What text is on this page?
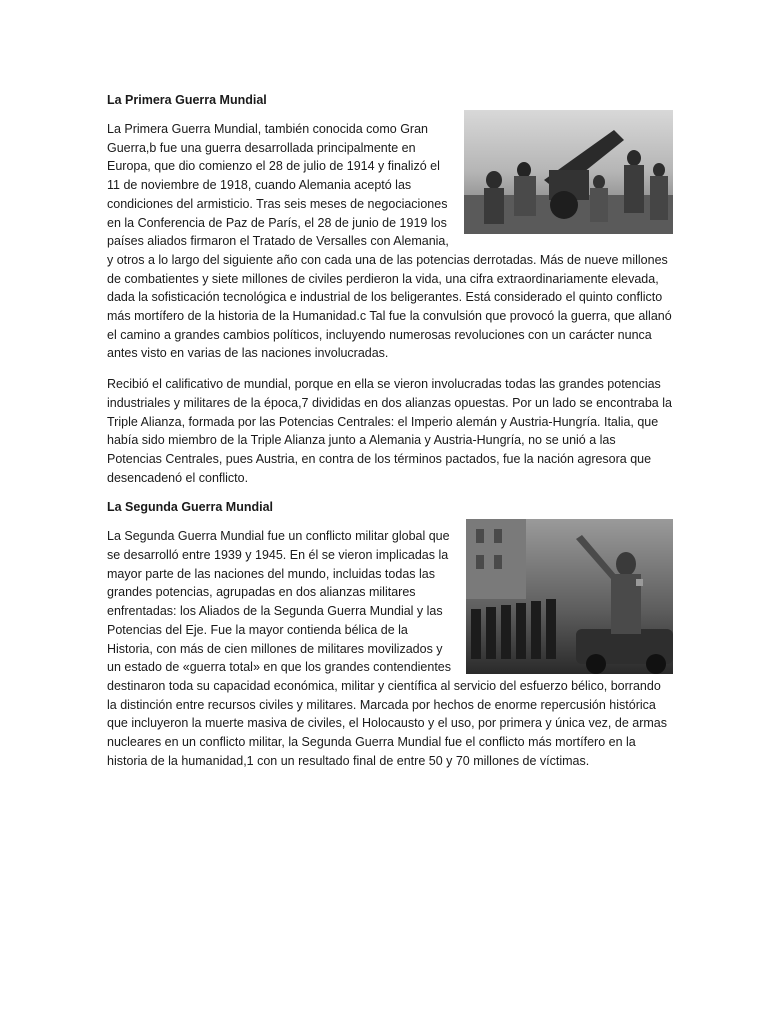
La Primera Guerra Mundial

La Primera Guerra Mundial, también conocida como Gran Guerra,b fue una guerra desarrollada principalmente en Europa, que dio comienzo el 28 de julio de 1914 y finalizó el 11 de noviembre de 1918, cuando Alemania aceptó las condiciones del armisticio. Tras seis meses de negociaciones en la Conferencia de Paz de París, el 28 de junio de 1919 los países aliados firmaron el Tratado de Versalles con Alemania, y otros a lo largo del siguiente año con cada una de las potencias derrotadas. Más de nueve millones de combatientes y siete millones de civiles perdieron la vida, una cifra extraordinariamente elevada, dada la sofisticación tecnológica e industrial de los beligerantes. Está considerado el quinto conflicto más mortífero de la historia de la Humanidad.c Tal fue la convulsión que provocó la guerra, que allanó el camino a grandes cambios políticos, incluyendo numerosas revoluciones con un carácter nunca antes visto en varias de las naciones involucradas.

Recibió el calificativo de mundial, porque en ella se vieron involucradas todas las grandes potencias industriales y militares de la época,7 divididas en dos alianzas opuestas. Por un lado se encontraba la Triple Alianza, formada por las Potencias Centrales: el Imperio alemán y Austria-Hungría. Italia, que había sido miembro de la Triple Alianza junto a Alemania y Austria-Hungría, no se unió a las Potencias Centrales, pues Austria, en contra de los términos pactados, fue la nación agresora que desencadenó el conflicto.

La Segunda Guerra Mundial

La Segunda Guerra Mundial fue un conflicto militar global que se desarrolló entre 1939 y 1945. En él se vieron implicadas la mayor parte de las naciones del mundo, incluidas todas las grandes potencias, agrupadas en dos alianzas militares enfrentadas: los Aliados de la Segunda Guerra Mundial y las Potencias del Eje. Fue la mayor contienda bélica de la Historia, con más de cien millones de militares movilizados y un estado de «guerra total» en que los grandes contendientes destinaron toda su capacidad económica, militar y científica al servicio del esfuerzo bélico, borrando la distinción entre recursos civiles y militares. Marcada por hechos de enorme repercusión histórica que incluyeron la muerte masiva de civiles, el Holocausto y el uso, por primera y única vez, de armas nucleares en un conflicto militar, la Segunda Guerra Mundial fue el conflicto más mortífero en la historia de la humanidad,1 con un resultado final de entre 50 y 70 millones de víctimas.
